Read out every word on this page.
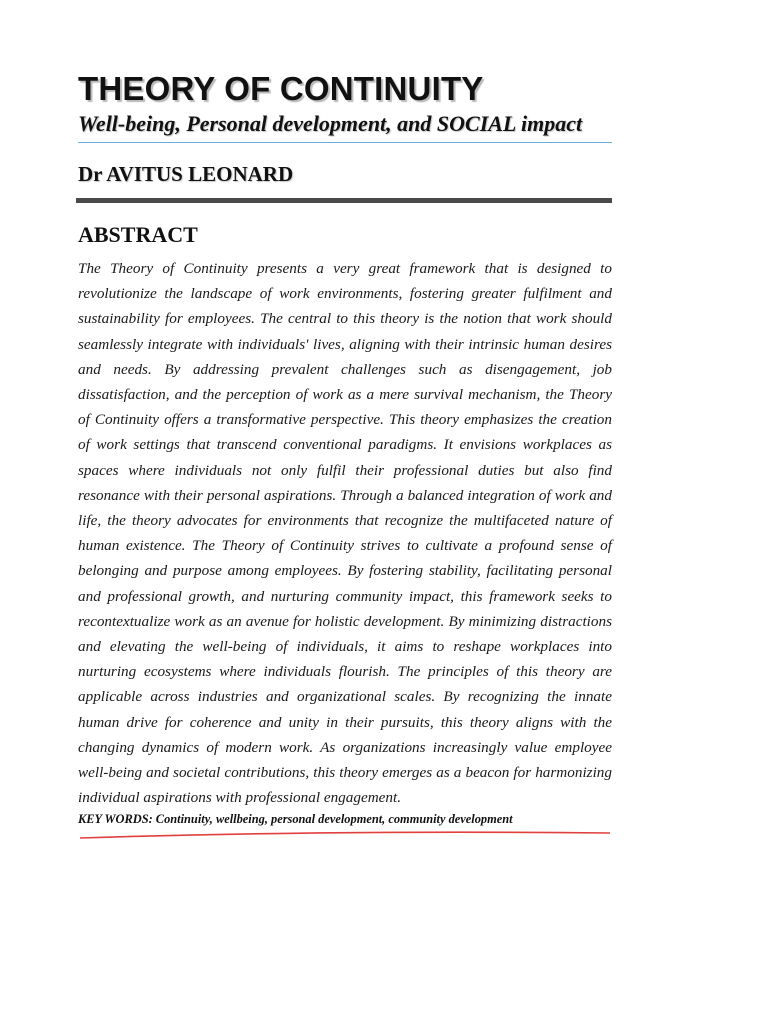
THEORY OF CONTINUITY
Well-being, Personal development, and SOCIAL impact
Dr AVITUS LEONARD
ABSTRACT

The Theory of Continuity presents a very great framework that is designed to revolutionize the landscape of work environments, fostering greater fulfilment and sustainability for employees. The central to this theory is the notion that work should seamlessly integrate with individuals' lives, aligning with their intrinsic human desires and needs. By addressing prevalent challenges such as disengagement, job dissatisfaction, and the perception of work as a mere survival mechanism, the Theory of Continuity offers a transformative perspective. This theory emphasizes the creation of work settings that transcend conventional paradigms. It envisions workplaces as spaces where individuals not only fulfil their professional duties but also find resonance with their personal aspirations. Through a balanced integration of work and life, the theory advocates for environments that recognize the multifaceted nature of human existence. The Theory of Continuity strives to cultivate a profound sense of belonging and purpose among employees. By fostering stability, facilitating personal and professional growth, and nurturing community impact, this framework seeks to recontextualize work as an avenue for holistic development. By minimizing distractions and elevating the well-being of individuals, it aims to reshape workplaces into nurturing ecosystems where individuals flourish. The principles of this theory are applicable across industries and organizational scales. By recognizing the innate human drive for coherence and unity in their pursuits, this theory aligns with the changing dynamics of modern work. As organizations increasingly value employee well-being and societal contributions, this theory emerges as a beacon for harmonizing individual aspirations with professional engagement.

KEY WORDS: Continuity, wellbeing, personal development, community development
